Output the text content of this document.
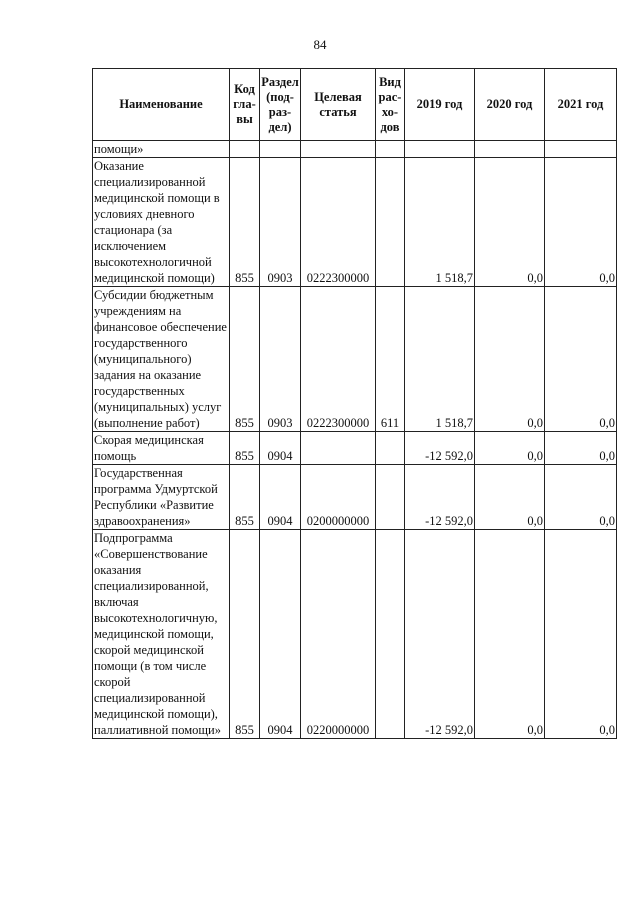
84
Наименование	Код гла- вы	Раздел (под- раз- дел)	Целевая статья	Вид рас- хо- дов	2019 год	2020 год	2021 год
помощи»							
Оказание специализированной медицинской помощи в условиях дневного стационара (за исключением высокотехнологичной медицинской помощи)	855	0903	0222300000		1 518,7	0,0	0,0
Субсидии бюджетным учреждениям на финансовое обеспечение государственного (муниципального) задания на оказание государственных (муниципальных) услуг (выполнение работ)	855	0903	0222300000	611	1 518,7	0,0	0,0
Скорая медицинская помощь	855	0904			-12 592,0	0,0	0,0
Государственная программа Удмуртской Республики «Развитие здравоохранения»	855	0904	0200000000		-12 592,0	0,0	0,0
Подпрограмма «Совершенствование оказания специализированной, включая высокотехнологичную, медицинской помощи, скорой медицинской помощи (в том числе скорой специализированной медицинской помощи), паллиативной помощи»	855	0904	0220000000		-12 592,0	0,0	0,0
